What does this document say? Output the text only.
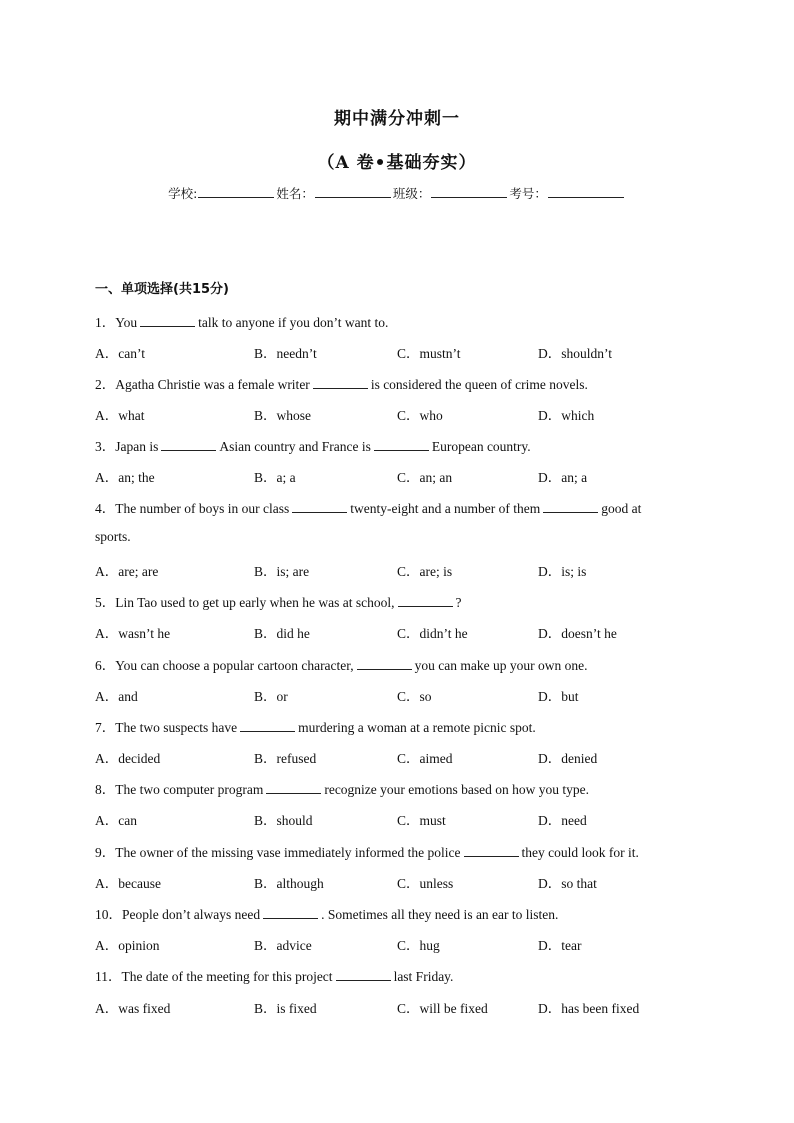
期中满分冲刺一
（A 卷•基础夯实）
学校:	姓名：	班级：	考号：
一、单项选择(共15分)
1．You	talk to anyone if you don’t want to.
A．can’t	B．needn’t	C．mustn’t	D．shouldn’t
2．Agatha Christie was a female writer	is considered the queen of crime novels.
A．what	B．whose	C．who	D．which
3．Japan is	Asian country and France is	European country.
A．an; the	B．a; a	C．an; an	D．an; a
4．The number of boys in our class	twenty-eight and a number of them	good at
sports.
A．are; are	B．is; are	C．are; is	D．is; is
5．Lin Tao used to get up early when he was at school,	?
A．wasn’t he	B．did he	C．didn’t he	D．doesn’t he
6．You can choose a popular cartoon character,	you can make up your own one.
A．and	B．or	C．so	D．but
7．The two suspects have	murdering a woman at a remote picnic spot.
A．decided	B．refused	C．aimed	D．denied
8．The two computer program	recognize your emotions based on how you type.
A．can	B．should	C．must	D．need
9．The owner of the missing vase immediately informed the police	they could look for it.
A．because	B．although	C．unless	D．so that
10．People don’t always need	. Sometimes all they need is an ear to listen.
A．opinion	B．advice	C．hug	D．tear
11．The date of the meeting for this project	last Friday.
A．was fixed	B．is fixed	C．will be fixed	D．has been fixed
